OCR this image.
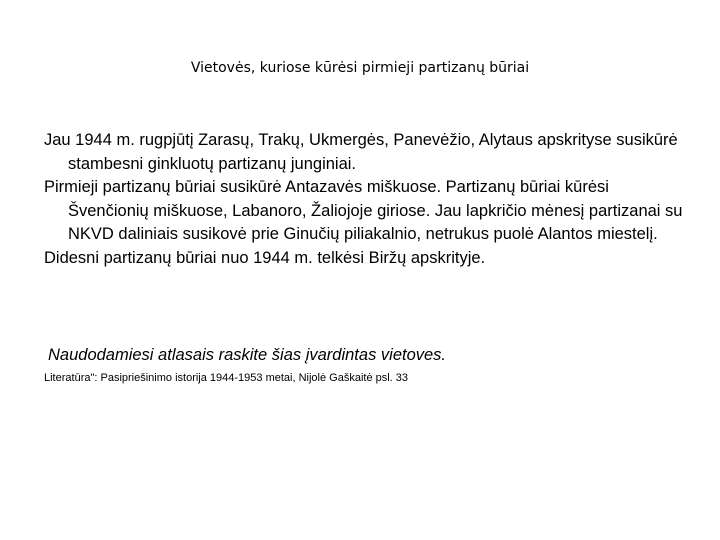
Vietovės, kuriose kūrėsi pirmieji partizanų būriai

Jau 1944 m. rugpjūtį Zarasų, Trakų, Ukmergės, Panevėžio, Alytaus apskrityse susikūrė stambesni ginkluotų partizanų junginiai.

Pirmieji partizanų būriai susikūrė Antazavės miškuose. Partizanų būriai kūrėsi Švenčionių miškuose, Labanoro, Žaliojoje giriose. Jau lapkričio mėnesį partizanai su NKVD daliniais susikovė prie Ginučių piliakalnio, netrukus puolė Alantos miestelį.

Didesni partizanų būriai nuo 1944 m. telkėsi Biržų apskrityje.

Naudodamiesi atlasais raskite šias įvardintas vietoves.
Literatūra": Pasipriešinimo istorija 1944-1953 metai, Nijolė Gaškaitė psl. 33
